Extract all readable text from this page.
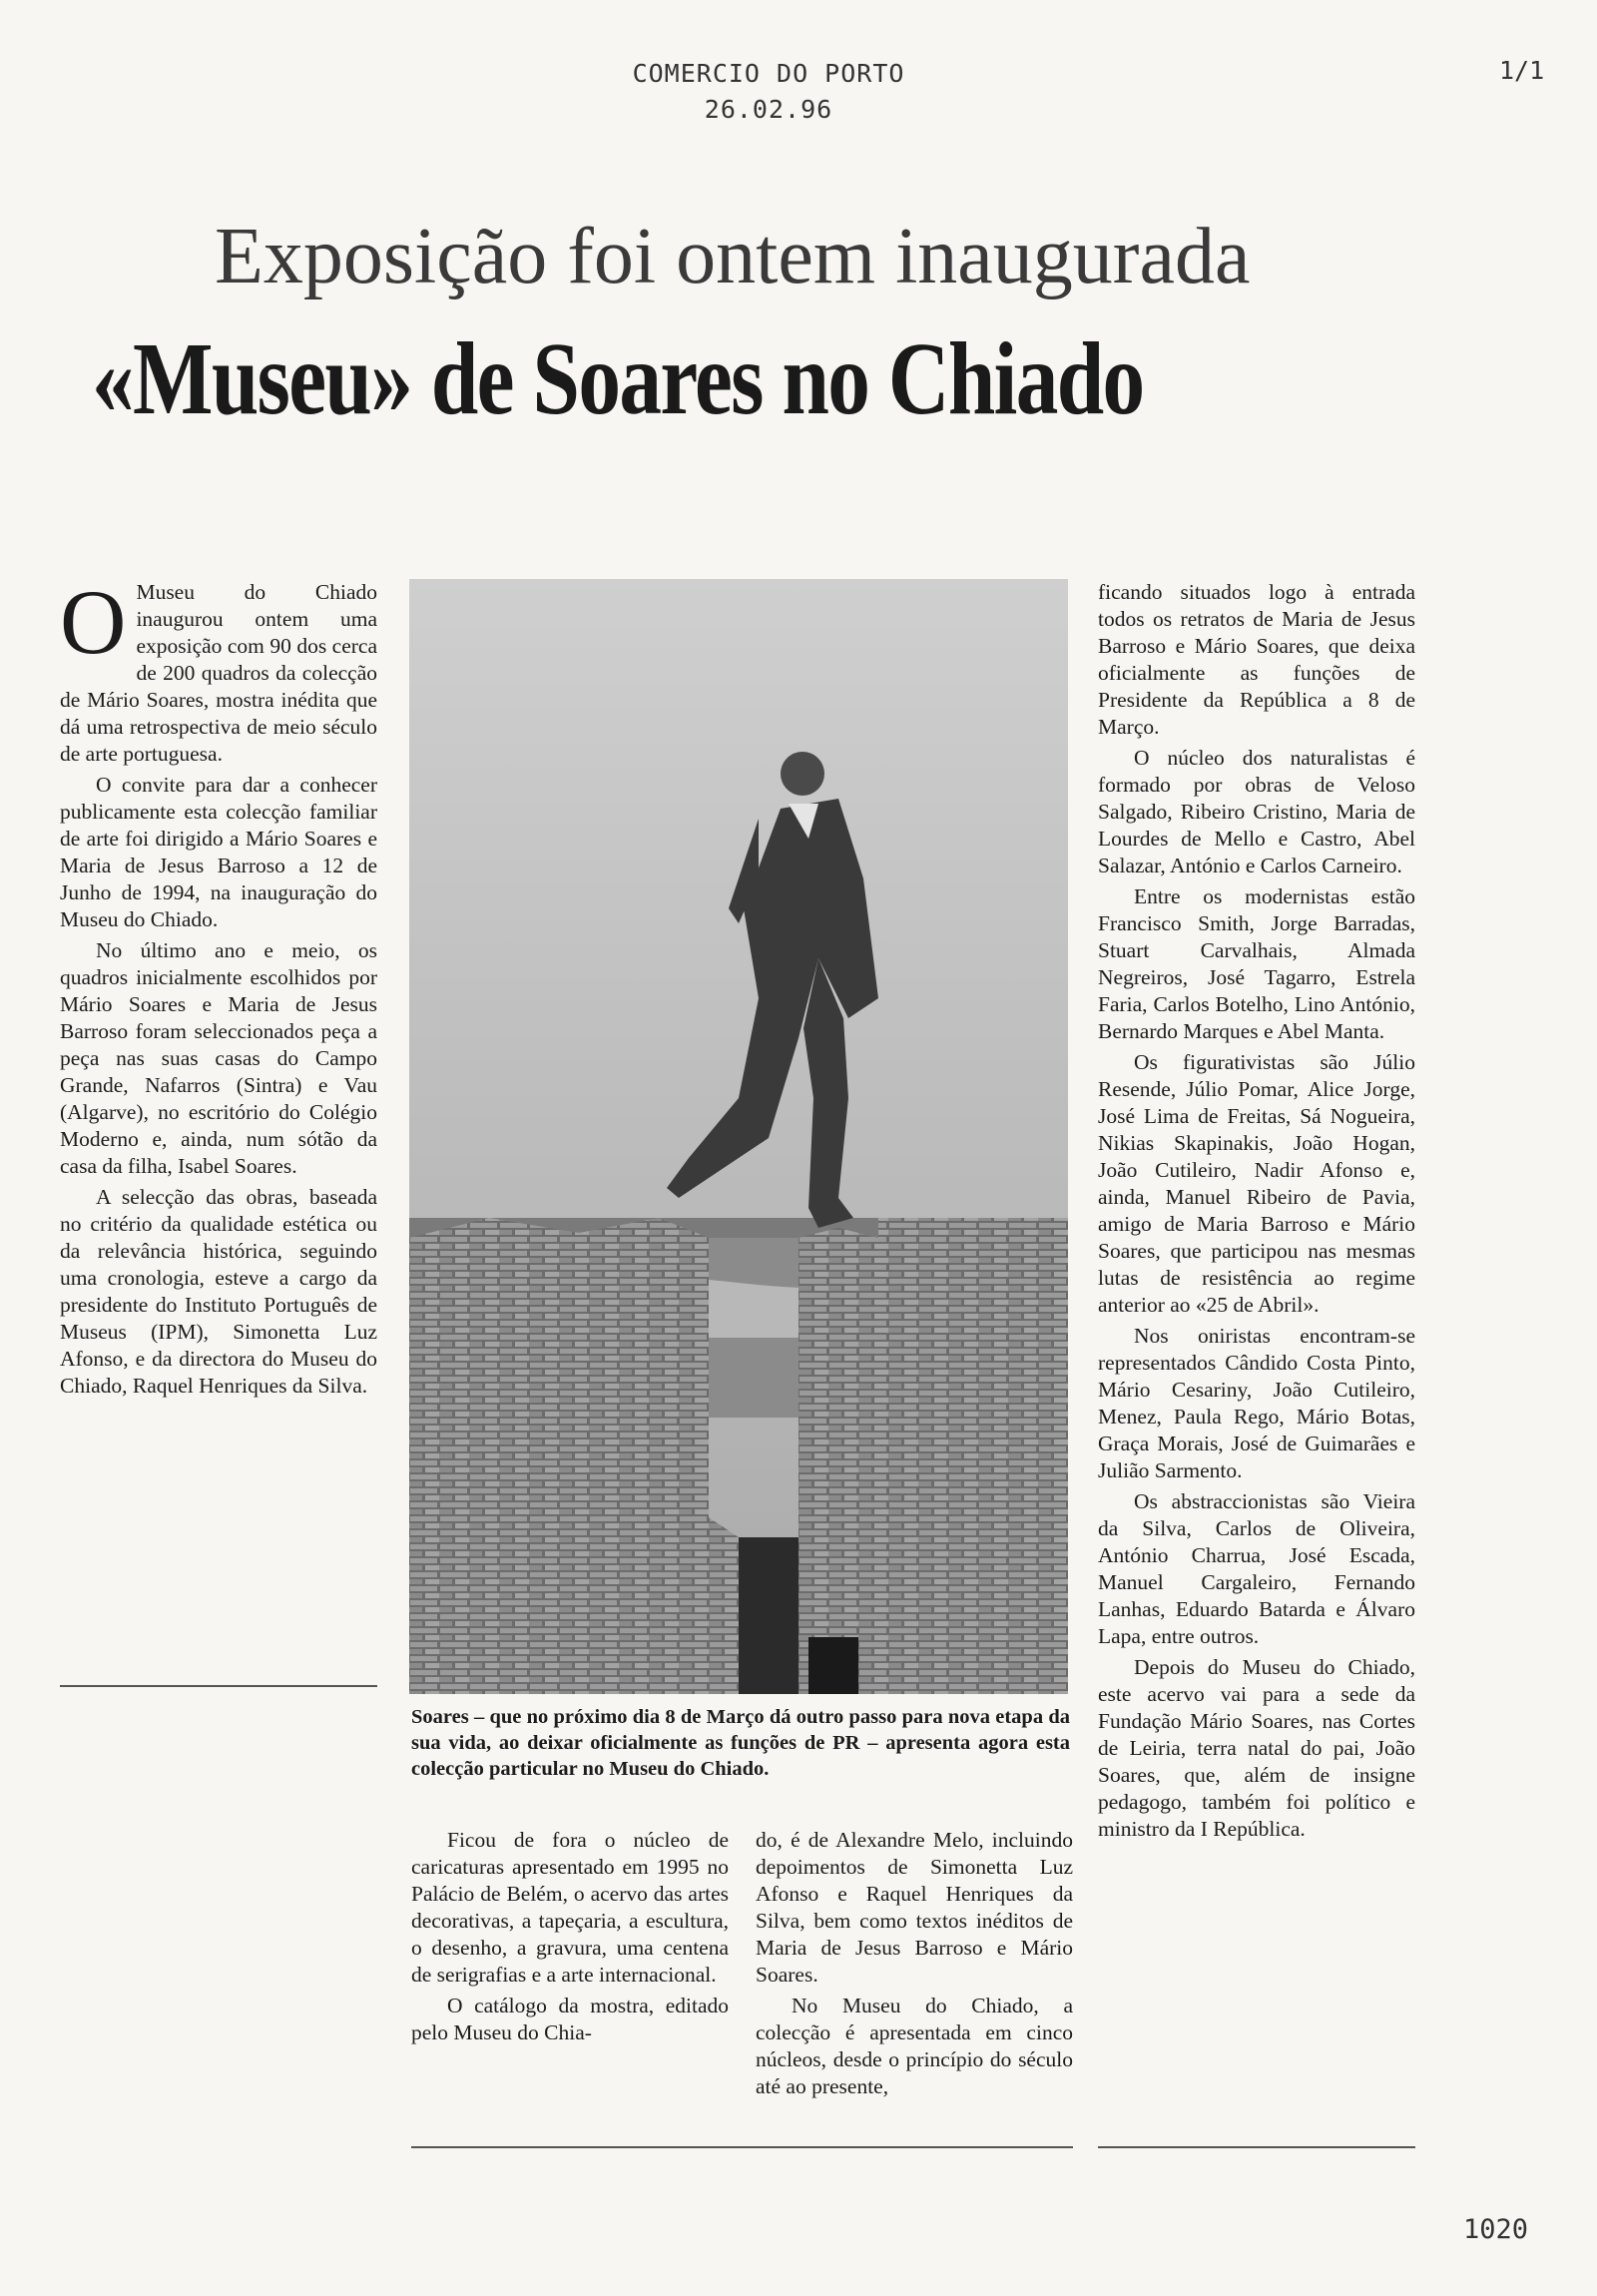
COMERCIO DO PORTO
26.02.96
1/1
Exposição foi ontem inaugurada
«Museu» de Soares no Chiado

O Museu do Chiado inaugurou ontem uma exposição com 90 dos cerca de 200 quadros da colecção de Mário Soares, mostra inédita que dá uma retrospectiva de meio século de arte portuguesa.

O convite para dar a conhecer publicamente esta colecção familiar de arte foi dirigido a Mário Soares e Maria de Jesus Barroso a 12 de Junho de 1994, na inauguração do Museu do Chiado.

No último ano e meio, os quadros inicialmente escolhidos por Mário Soares e Maria de Jesus Barroso foram seleccionados peça a peça nas suas casas do Campo Grande, Nafarros (Sintra) e Vau (Algarve), no escritório do Colégio Moderno e, ainda, num sótão da casa da filha, Isabel Soares.

A selecção das obras, baseada no critério da qualidade estética ou da relevância histórica, seguindo uma cronologia, esteve a cargo da presidente do Instituto Português de Museus (IPM), Simonetta Luz Afonso, e da directora do Museu do Chiado, Raquel Henriques da Silva.

Soares – que no próximo dia 8 de Março dá outro passo para nova etapa da sua vida, ao deixar oficialmente as funções de PR – apresenta agora esta colecção particular no Museu do Chiado.

Ficou de fora o núcleo de caricaturas apresentado em 1995 no Palácio de Belém, o acervo das artes decorativas, a tapeçaria, a escultura, o desenho, a gravura, uma centena de serigrafias e a arte internacional.

O catálogo da mostra, editado pelo Museu do Chia-

do, é de Alexandre Melo, incluindo depoimentos de Simonetta Luz Afonso e Raquel Henriques da Silva, bem como textos inéditos de Maria de Jesus Barroso e Mário Soares.

No Museu do Chiado, a colecção é apresentada em cinco núcleos, desde o princípio do século até ao presente,

ficando situados logo à entrada todos os retratos de Maria de Jesus Barroso e Mário Soares, que deixa oficialmente as funções de Presidente da República a 8 de Março.

O núcleo dos naturalistas é formado por obras de Veloso Salgado, Ribeiro Cristino, Maria de Lourdes de Mello e Castro, Abel Salazar, António e Carlos Carneiro.

Entre os modernistas estão Francisco Smith, Jorge Barradas, Stuart Carvalhais, Almada Negreiros, José Tagarro, Estrela Faria, Carlos Botelho, Lino António, Bernardo Marques e Abel Manta.

Os figurativistas são Júlio Resende, Júlio Pomar, Alice Jorge, José Lima de Freitas, Sá Nogueira, Nikias Skapinakis, João Hogan, João Cutileiro, Nadir Afonso e, ainda, Manuel Ribeiro de Pavia, amigo de Maria Barroso e Mário Soares, que participou nas mesmas lutas de resistência ao regime anterior ao «25 de Abril».

Nos oniristas encontram-se representados Cândido Costa Pinto, Mário Cesariny, João Cutileiro, Menez, Paula Rego, Mário Botas, Graça Morais, José de Guimarães e Julião Sarmento.

Os abstraccionistas são Vieira da Silva, Carlos de Oliveira, António Charrua, José Escada, Manuel Cargaleiro, Fernando Lanhas, Eduardo Batarda e Álvaro Lapa, entre outros.

Depois do Museu do Chiado, este acervo vai para a sede da Fundação Mário Soares, nas Cortes de Leiria, terra natal do pai, João Soares, que, além de insigne pedagogo, também foi político e ministro da I República.

1020
